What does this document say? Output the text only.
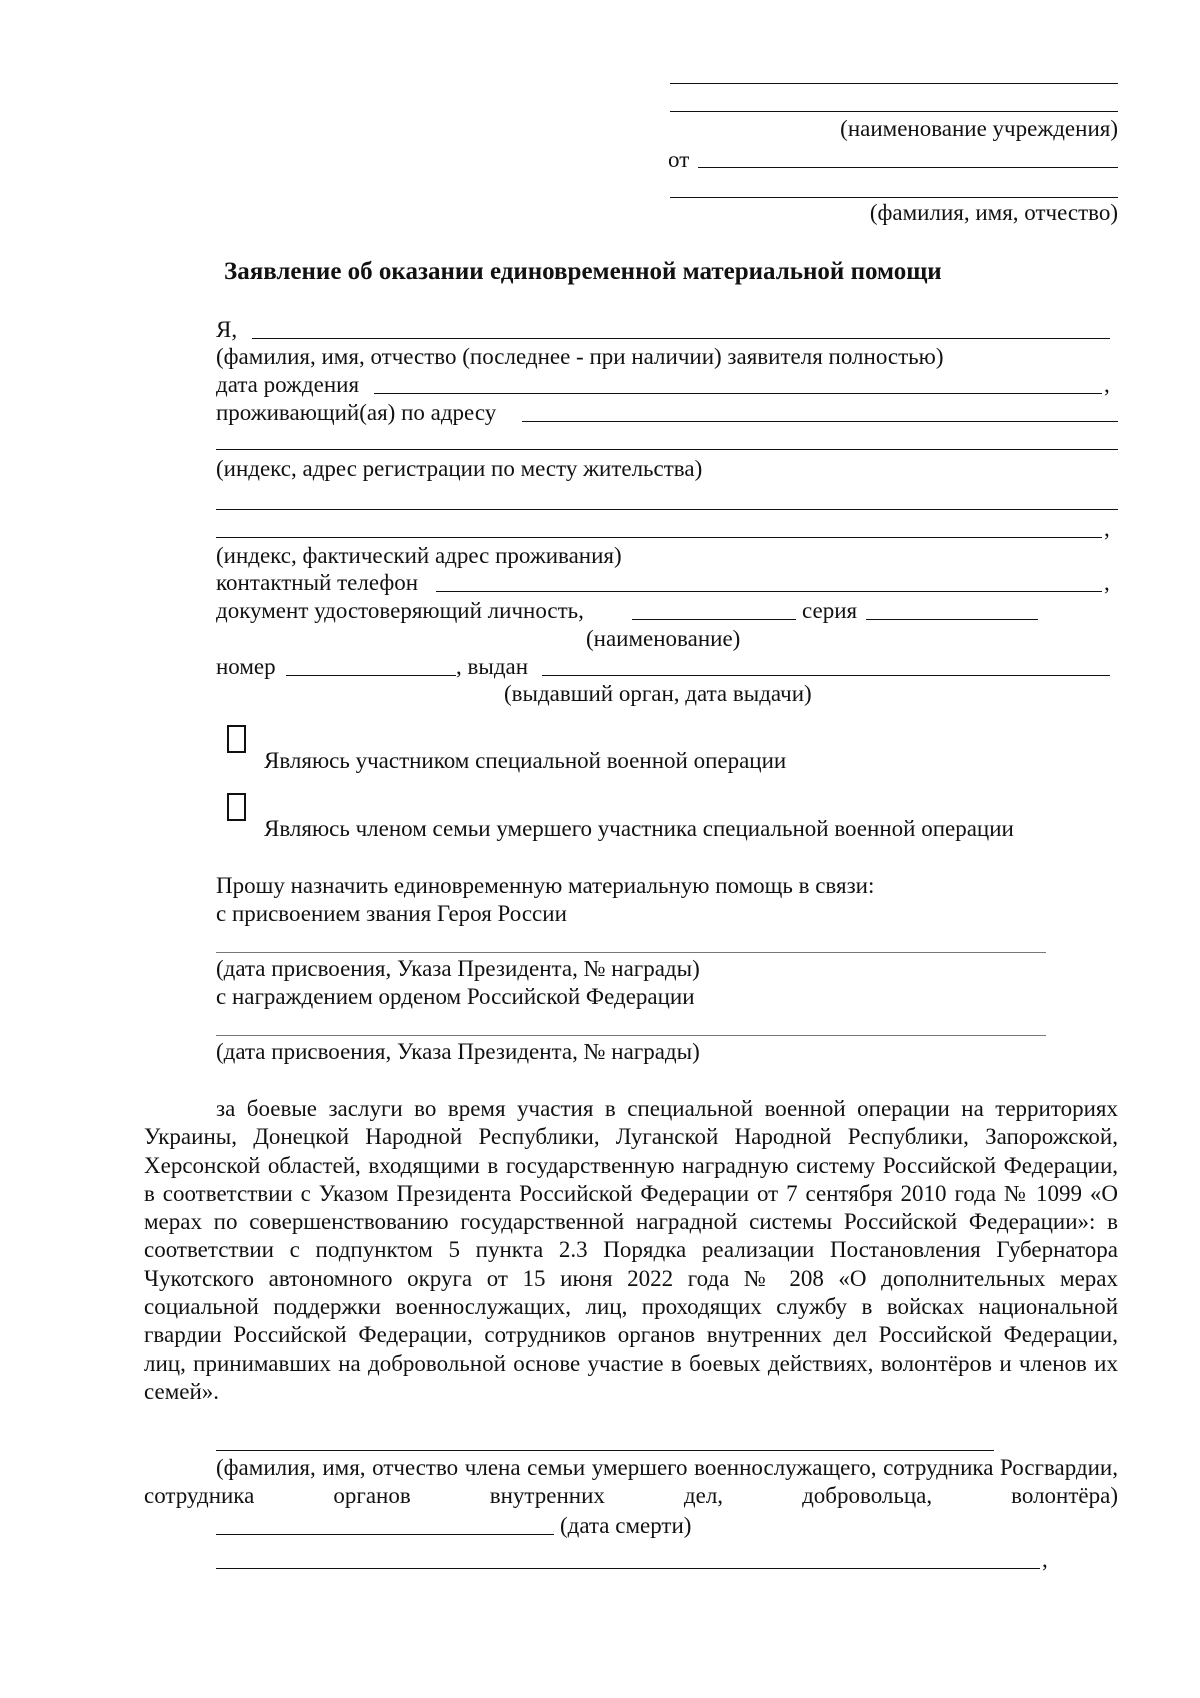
(наименование учреждения)
от
(фамилия, имя, отчество)
Заявление об оказании единовременной материальной помощи
Я,
(фамилия, имя, отчество (последнее - при наличии) заявителя полностью)
дата рождения	,
проживающий(ая) по адресу
(индекс, адрес регистрации по месту жительства)
,
(индекс, фактический адрес проживания)
контактный телефон	,
документ удостоверяющий личность,	серия
(наименование)
номер	, выдан
(выдавший орган, дата выдачи)
Являюсь участником специальной военной операции
Являюсь членом семьи умершего участника специальной военной операции
Прошу назначить единовременную материальную помощь в связи:
с присвоением звания Героя России
(дата присвоения, Указа Президента, № награды)
с награждением орденом Российской Федерации
(дата присвоения, Указа Президента, № награды)
за боевые заслуги во время участия в специальной военной операции на территориях Украины, Донецкой Народной Республики, Луганской Народной Республики, Запорожской, Херсонской областей, входящими в государственную наградную систему Российской Федерации, в соответствии с Указом Президента Российской Федерации от 7 сентября 2010 года № 1099 «О мерах по совершенствованию государственной наградной системы Российской Федерации»: в соответствии с подпунктом 5 пункта 2.3 Порядка реализации Постановления Губернатора Чукотского автономного округа от 15 июня 2022 года № 208 «О дополнительных мерах социальной поддержки военнослужащих, лиц, проходящих службу в войсках национальной гвардии Российской Федерации, сотрудников органов внутренних дел Российской Федерации, лиц, принимавших на добровольной основе участие в боевых действиях, волонтёров и членов их семей».
(фамилия, имя, отчество члена семьи умершего военнослужащего, сотрудника Росгвардии, сотрудника органов внутренних дел, добровольца, волонтёра)
(дата смерти)
,
